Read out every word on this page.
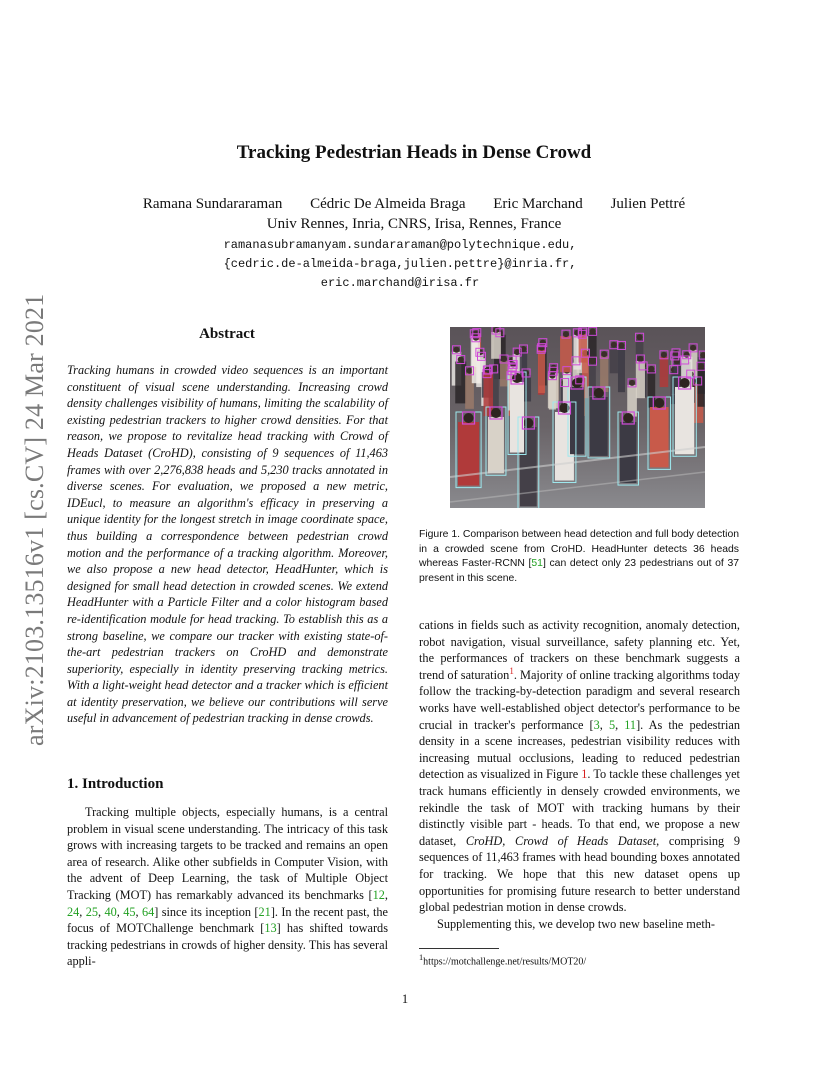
Tracking Pedestrian Heads in Dense Crowd
Ramana Sundararaman Cédric De Almeida Braga Eric Marchand Julien Pettré
Univ Rennes, Inria, CNRS, Irisa, Rennes, France
ramanasubramanyam.sundararaman@polytechnique.edu,
{cedric.de-almeida-braga,julien.pettre}@inria.fr,
eric.marchand@irisa.fr
arXiv:2103.13516v1 [cs.CV] 24 Mar 2021	Abstract
Tracking humans in crowded video sequences is an important constituent of visual scene understanding. Increasing crowd density challenges visibility of humans, limiting the scalability of existing pedestrian trackers to higher crowd densities. For that reason, we propose to revitalize head tracking with Crowd of Heads Dataset (CroHD), consisting of 9 sequences of 11,463 frames with over 2,276,838 heads and 5,230 tracks annotated in diverse scenes. For evaluation, we proposed a new metric, IDEucl, to measure an algorithm's efficacy in preserving a unique identity for the longest stretch in image coordinate space, thus building a correspondence between pedestrian crowd motion and the performance of a tracking algorithm. Moreover, we also propose a new head detector, HeadHunter, which is designed for small head detection in crowded scenes. We extend HeadHunter with a Particle Filter and a color histogram based re-identification module for head tracking. To establish this as a strong baseline, we compare our tracker with existing state-of-the-art pedestrian trackers on CroHD and demonstrate superiority, especially in identity preserving tracking metrics. With a light-weight head detector and a tracker which is efficient at identity preservation, we believe our contributions will serve useful in advancement of pedestrian tracking in dense crowds.
1. Introduction
Tracking multiple objects, especially humans, is a central problem in visual scene understanding. The intricacy of this task grows with increasing targets to be tracked and remains an open area of research. Alike other subfields in Computer Vision, with the advent of Deep Learning, the task of Multiple Object Tracking (MOT) has remarkably advanced its benchmarks [12, 24, 25, 40, 45, 64] since its inception [21]. In the recent past, the focus of MOTChallenge benchmark [13] has shifted towards tracking pedestrians in crowds of higher density. This has several appli-
Figure 1. Comparison between head detection and full body detection in a crowded scene from CroHD. HeadHunter detects 36 heads whereas Faster-RCNN [51] can detect only 23 pedestrians out of 37 present in this scene.

cations in fields such as activity recognition, anomaly detection, robot navigation, visual surveillance, safety planning etc. Yet, the performances of trackers on these benchmark suggests a trend of saturation$^1$. Majority of online tracking algorithms today follow the tracking-by-detection paradigm and several research works have well-established object detector's performance to be crucial in tracker's performance [3, 5, 11]. As the pedestrian density in a scene increases, pedestrian visibility reduces with increasing mutual occlusions, leading to reduced pedestrian detection as visualized in Figure 1. To tackle these challenges yet track humans efficiently in densely crowded environments, we rekindle the task of MOT with tracking humans by their distinctly visible part - heads. To that end, we propose a new dataset, CroHD, Crowd of Heads Dataset, comprising 9 sequences of 11,463 frames with head bounding boxes annotated for tracking. We hope that this new dataset opens up opportunities for promising future research to better understand global pedestrian motion in dense crowds.

Supplementing this, we develop two new baseline meth-

$^1$https://motchallenge.net/results/MOT20/
1
